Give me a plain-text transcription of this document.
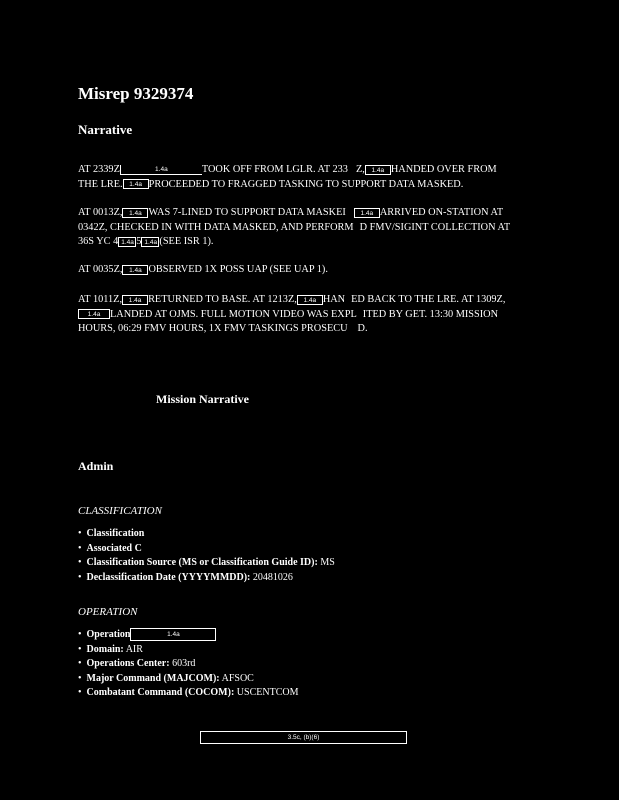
Misrep 9329374
Narrative
AT 2339Z	1.4a	TOOK OFF FROM LGLR. AT 233 Z, 1.4a HANDED OVER FROM
THE LRE. 1.4a PROCEEDED TO FRAGGED TASKING TO SUPPORT DATA MASKED.
AT 0013Z, 1.4a WAS 7-LINED TO SUPPORT DATA MASKEI 1.4a ARRIVED ON-STATION AT
0342Z, CHECKED IN WITH DATA MASKED, AND PERFORM D FMV/SIGINT COLLECTION AT
36S YC 4 1.4a 5 1.4a (SEE ISR 1).
AT 0035Z, 1.4a OBSERVED 1X POSS UAP (SEE UAP 1).
AT 1011Z, 1.4a RETURNED TO BASE. AT 1213Z, 1.4a HAN ED BACK TO THE LRE. AT 1309Z,
1.4a LANDED AT OJMS. FULL MOTION VIDEO WAS EXPL ITED BY GET. 13:30 MISSION
HOURS, 06:29 FMV HOURS, 1X FMV TASKINGS PROSECU D.
Mission Narrative
Admin
CLASSIFICATION
• Classification
• Associated C
• Classification Source (MS or Classification Guide ID): MS
• Declassification Date (YYYYMMDD): 20481026
OPERATION
• Operation	1.4a
• Domain: AIR
• Operations Center: 603rd
• Major Command (MAJCOM): AFSOC
• Combatant Command (COCOM): USCENTCOM
3.5c, (b)(6)
